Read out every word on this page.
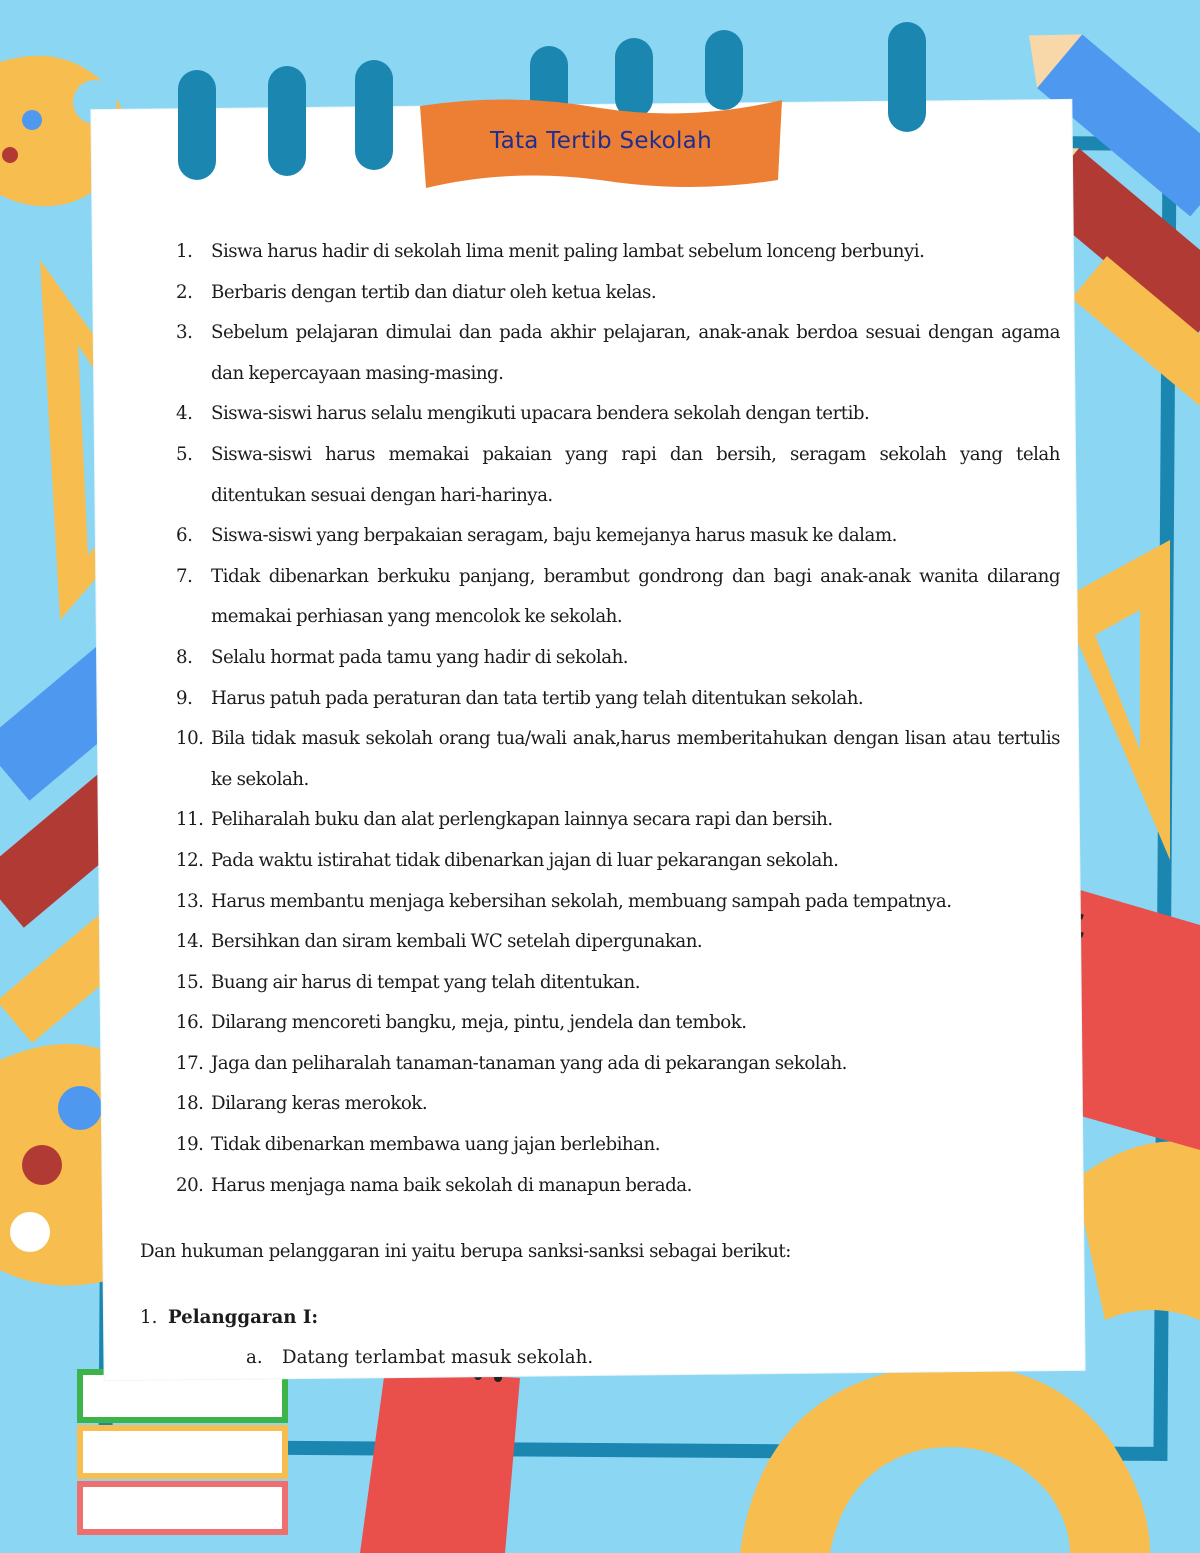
Tata Tertib Sekolah
1. Siswa harus hadir di sekolah lima menit paling lambat sebelum lonceng berbunyi.
2. Berbaris dengan tertib dan diatur oleh ketua kelas.
3. Sebelum pelajaran dimulai dan pada akhir pelajaran, anak-anak berdoa sesuai dengan agama dan kepercayaan masing-masing.
4. Siswa-siswi harus selalu mengikuti upacara bendera sekolah dengan tertib.
5. Siswa-siswi harus memakai pakaian yang rapi dan bersih, seragam sekolah yang telah ditentukan sesuai dengan hari-harinya.
6. Siswa-siswi yang berpakaian seragam, baju kemejanya harus masuk ke dalam.
7. Tidak dibenarkan berkuku panjang, berambut gondrong dan bagi anak-anak wanita dilarang memakai perhiasan yang mencolok ke sekolah.
8. Selalu hormat pada tamu yang hadir di sekolah.
9. Harus patuh pada peraturan dan tata tertib yang telah ditentukan sekolah.
10. Bila tidak masuk sekolah orang tua/wali anak,harus memberitahukan dengan lisan atau tertulis ke sekolah.
11. Peliharalah buku dan alat perlengkapan lainnya secara rapi dan bersih.
12. Pada waktu istirahat tidak dibenarkan jajan di luar pekarangan sekolah.
13. Harus membantu menjaga kebersihan sekolah, membuang sampah pada tempatnya.
14. Bersihkan dan siram kembali WC setelah dipergunakan.
15. Buang air harus di tempat yang telah ditentukan.
16. Dilarang mencoreti bangku, meja, pintu, jendela dan tembok.
17. Jaga dan peliharalah tanaman-tanaman yang ada di pekarangan sekolah.
18. Dilarang keras merokok.
19. Tidak dibenarkan membawa uang jajan berlebihan.
20. Harus menjaga nama baik sekolah di manapun berada.
Dan hukuman pelanggaran ini yaitu berupa sanksi-sanksi sebagai berikut:
1. Pelanggaran I:
a. Datang terlambat masuk sekolah.
